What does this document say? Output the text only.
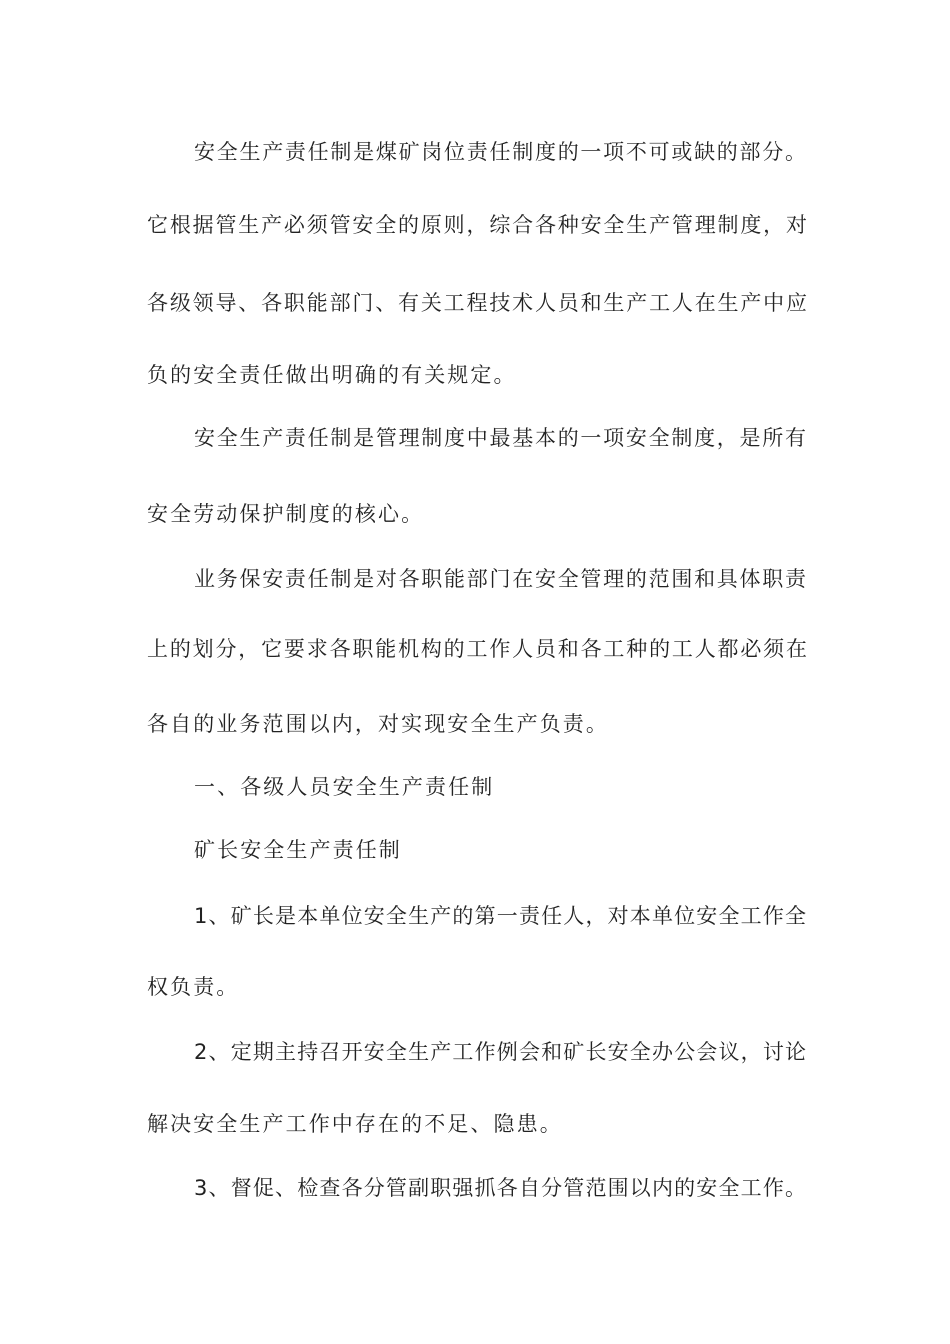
安全生产责任制是煤矿岗位责任制度的一项不可或缺的部分。
它根据管生产必须管安全的原则，综合各种安全生产管理制度，对
各级领导、各职能部门、有关工程技术人员和生产工人在生产中应
负的安全责任做出明确的有关规定。
安全生产责任制是管理制度中最基本的一项安全制度，是所有
安全劳动保护制度的核心。
业务保安责任制是对各职能部门在安全管理的范围和具体职责
上的划分，它要求各职能机构的工作人员和各工种的工人都必须在
各自的业务范围以内，对实现安全生产负责。
一、各级人员安全生产责任制
矿长安全生产责任制
1、矿长是本单位安全生产的第一责任人，对本单位安全工作全
权负责。
2、定期主持召开安全生产工作例会和矿长安全办公会议，讨论
解决安全生产工作中存在的不足、隐患。
3、督促、检查各分管副职强抓各自分管范围以内的安全工作。
